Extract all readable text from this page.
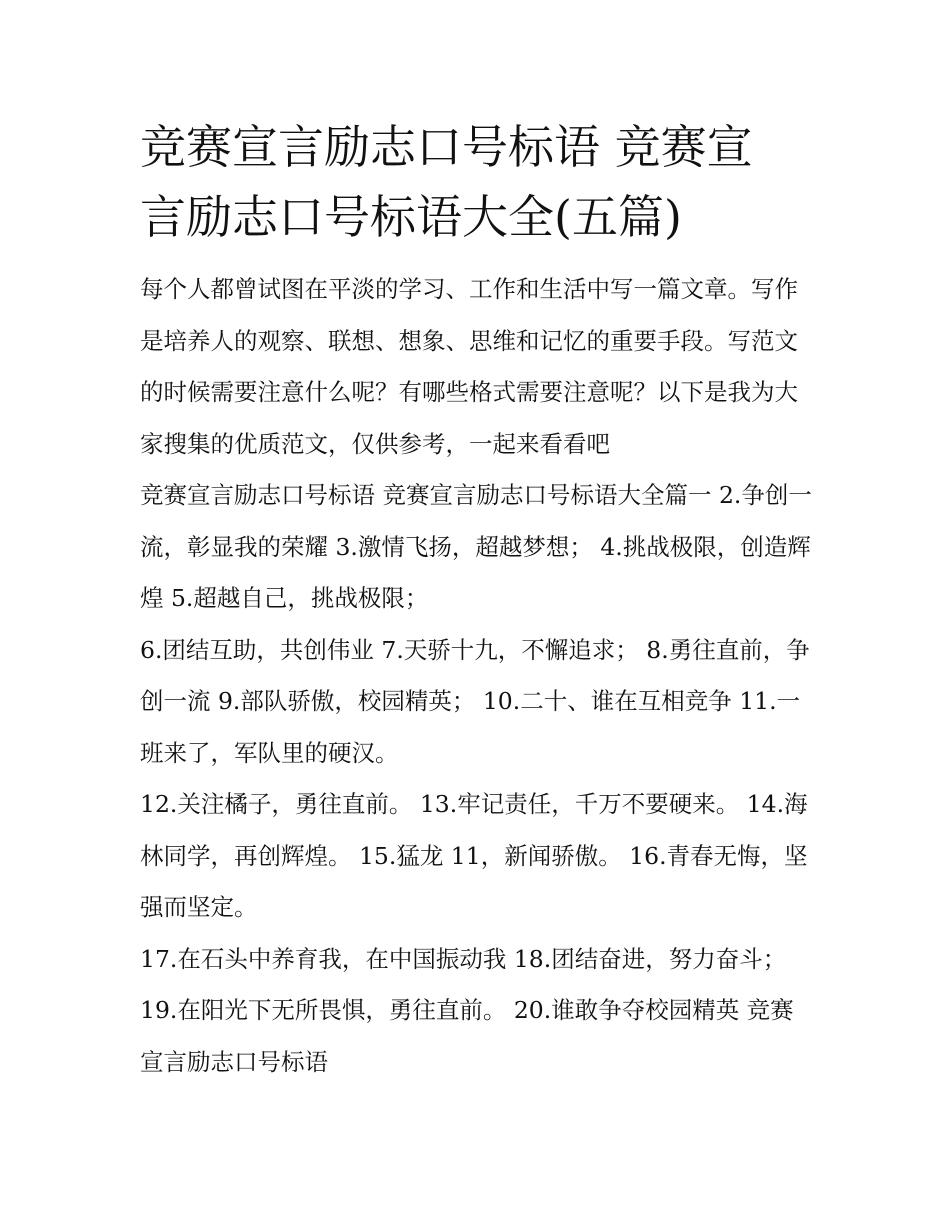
竞赛宣言励志口号标语 竞赛宣
言励志口号标语大全(五篇)

每个人都曾试图在平淡的学习、工作和生活中写一篇文章。写作是培养人的观察、联想、想象、思维和记忆的重要手段。写范文的时候需要注意什么呢？有哪些格式需要注意呢？以下是我为大家搜集的优质范文，仅供参考，一起来看看吧

竞赛宣言励志口号标语 竞赛宣言励志口号标语大全篇一 2.争创一流，彰显我的荣耀 3.激情飞扬，超越梦想； 4.挑战极限，创造辉煌 5.超越自己，挑战极限；

6.团结互助，共创伟业 7.天骄十九，不懈追求； 8.勇往直前，争创一流 9.部队骄傲，校园精英； 10.二十、谁在互相竞争 11.一班来了，军队里的硬汉。

12.关注橘子，勇往直前。 13.牢记责任，千万不要硬来。 14.海林同学，再创辉煌。 15.猛龙 11，新闻骄傲。 16.青春无悔，坚强而坚定。

17.在石头中养育我，在中国振动我 18.团结奋进，努力奋斗；19.在阳光下无所畏惧，勇往直前。 20.谁敢争夺校园精英 竞赛宣言励志口号标语
